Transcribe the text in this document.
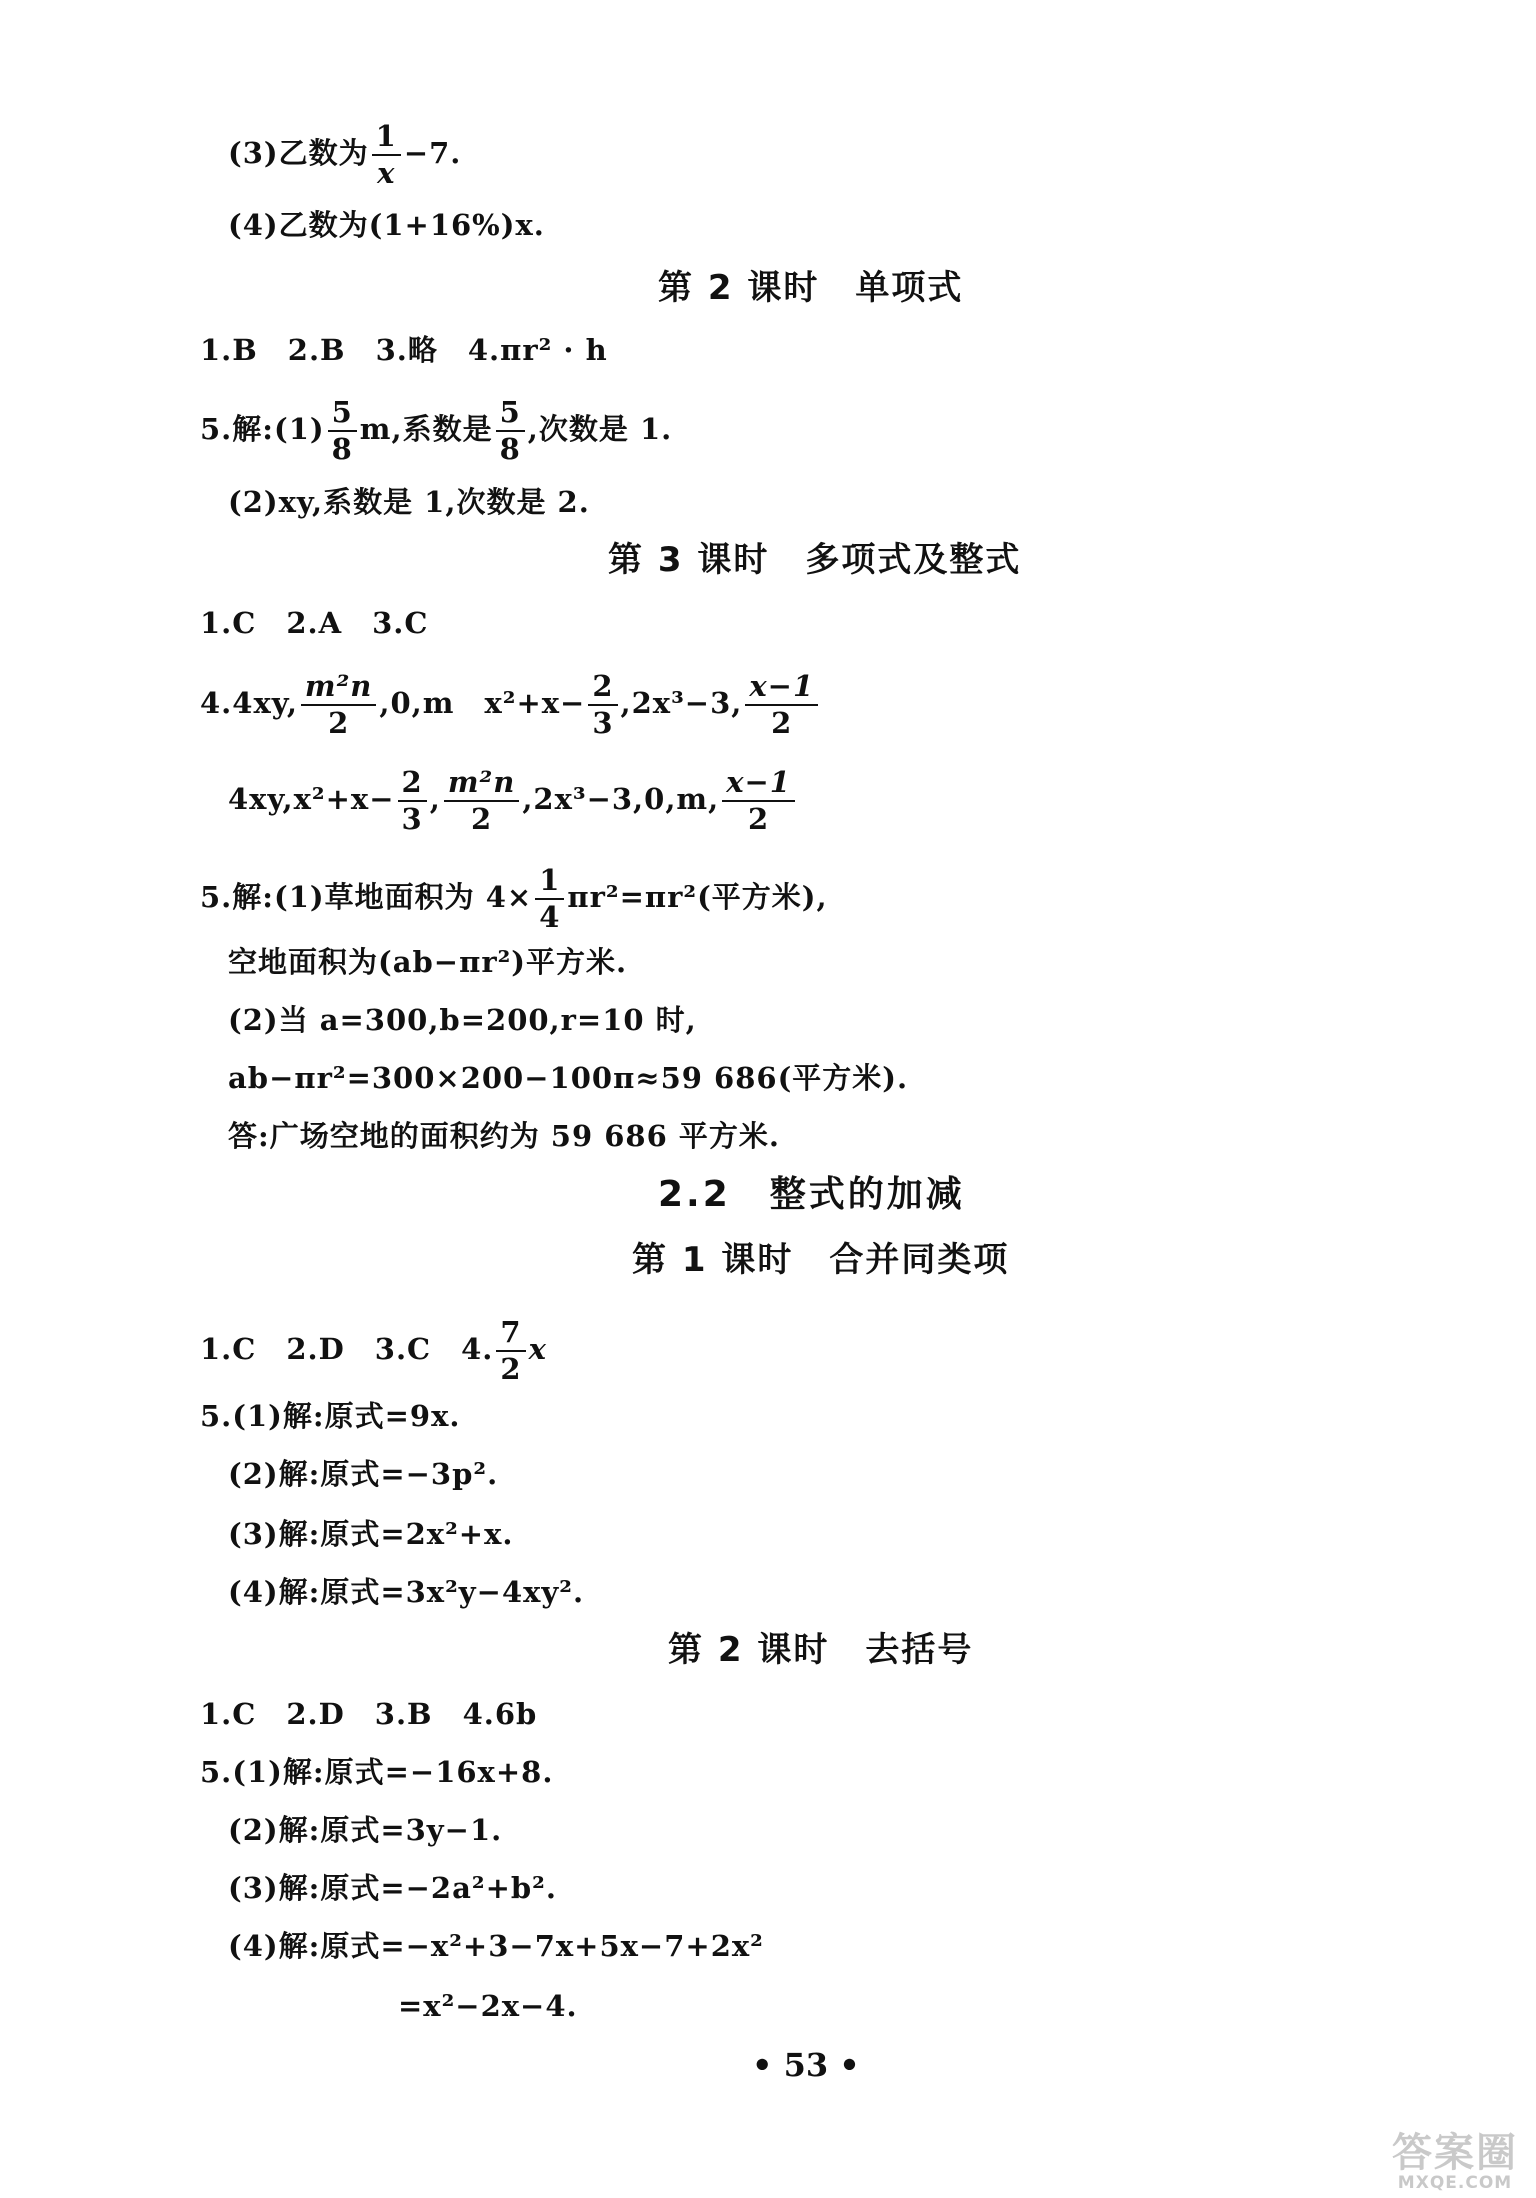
(3)乙数为 $\frac{1}{x} -7$.
(4)乙数为(1+16%)x.
第 2 课时　单项式
1.B　2.B　3.略　4.πr² · h
5.解:(1) $\frac{5}{8} m$,系数是 $\frac{5}{8}$ ,次数是 1.
(2)xy,系数是 1,次数是 2.
第 3 课时　多项式及整式
1.C　2.A　3.C
4.4xy, $\frac{\text{m²n}}{2} ,0,m$　$x^2+x- \frac{2}{3} ,2x^3-3$, $\frac{x-1}{2}$
$4xy,x^2+x- \frac{2}{3}$ , $\frac{\text{m²n}}{2} ,2x^3-3,0,m$, $\frac{x-1}{2}$
5.解:(1)草地面积为 $4\times \frac{1}{4} \pi r^2=\pi r^2$(平方米),
空地面积为(ab−πr²)平方米.
(2)当 a=300,b=200,r=10 时,
ab−πr²=300×200−100π≈59 686(平方米).
答:广场空地的面积约为 59 686 平方米.
2.2　整式的加减
第 1 课时　合并同类项
1.C　2.D　3.C　4. $\frac{7}{2}$ x
5.(1)解:原式=9x.
(2)解:原式=−3p².
(3)解:原式=2x²+x.
(4)解:原式=3x²y−4xy².
第 2 课时　去括号
1.C　2.D　3.B　4.6b
5.(1)解:原式=−16x+8.
(2)解:原式=3y−1.
(3)解:原式=−2a²+b².
(4)解:原式=−x²+3−7x+5x−7+2x²
=x²−2x−4.
• 53 •
答案圈
MXQE.COM
